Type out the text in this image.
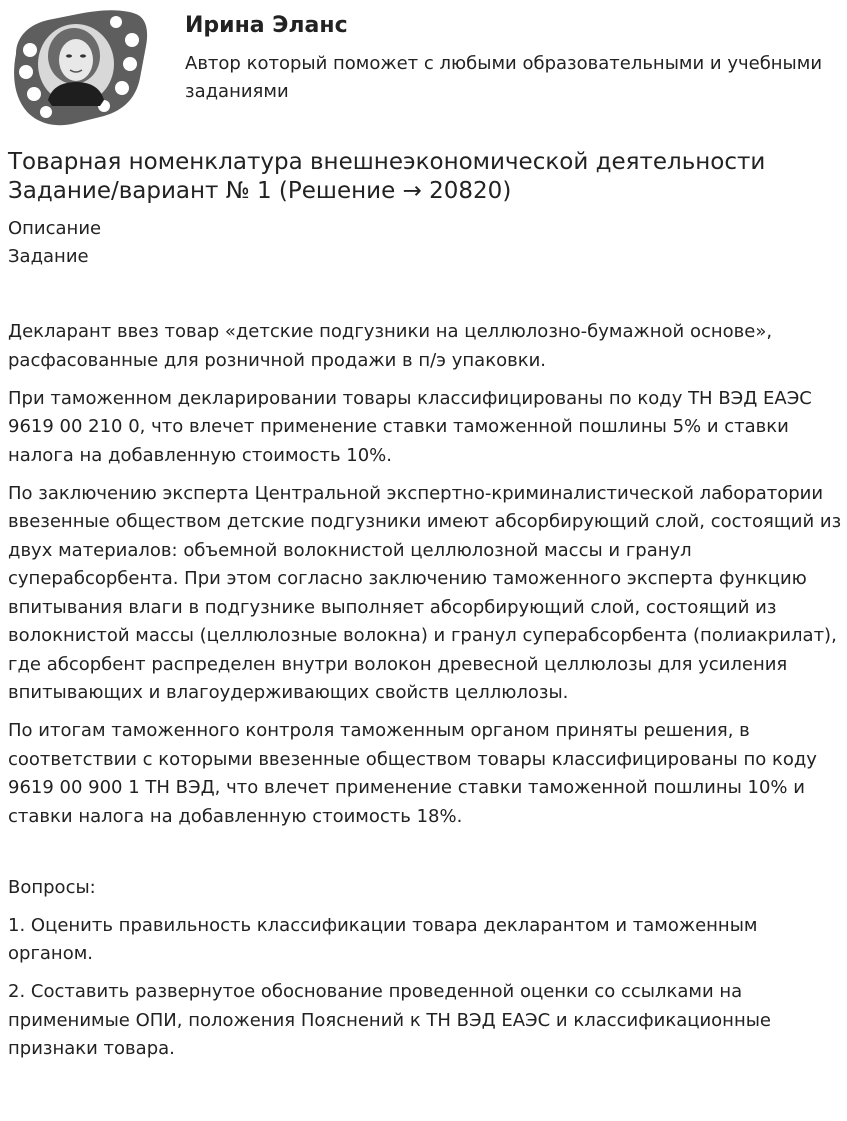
Ирина Эланс
Автор который поможет с любыми образовательными и учебными заданиями
Товарная номенклатура внешнеэкономической деятельности
Задание/вариант № 1 (Решение → 20820)
Описание
Задание

Декларант ввез товар «детские подгузники на целлюлозно-бумажной основе», расфасованные для розничной продажи в п/э упаковки.

При таможенном декларировании товары классифицированы по коду ТН ВЭД ЕАЭС 9619 00 210 0, что влечет применение ставки таможенной пошлины 5% и ставки налога на добавленную стоимость 10%.

По заключению эксперта Центральной экспертно-криминалистической лаборатории ввезенные обществом детские подгузники имеют абсорбирующий слой, состоящий из двух материалов: объемной волокнистой целлюлозной массы и гранул суперабсорбента. При этом согласно заключению таможенного эксперта функцию впитывания влаги в подгузнике выполняет абсорбирующий слой, состоящий из волокнистой массы (целлюлозные волокна) и гранул суперабсорбента (полиакрилат), где абсорбент распределен внутри волокон древесной целлюлозы для усиления впитывающих и влагоудерживающих свойств целлюлозы.

По итогам таможенного контроля таможенным органом приняты решения, в соответствии с которыми ввезенные обществом товары классифицированы по коду 9619 00 900 1 ТН ВЭД, что влечет применение ставки таможенной пошлины 10% и ставки налога на добавленную стоимость 18%.

Вопросы:

1. Оценить правильность классификации товара декларантом и таможенным органом.

2. Составить развернутое обоснование проведенной оценки со ссылками на применимые ОПИ, положения Пояснений к ТН ВЭД ЕАЭС и классификационные признаки товара.
